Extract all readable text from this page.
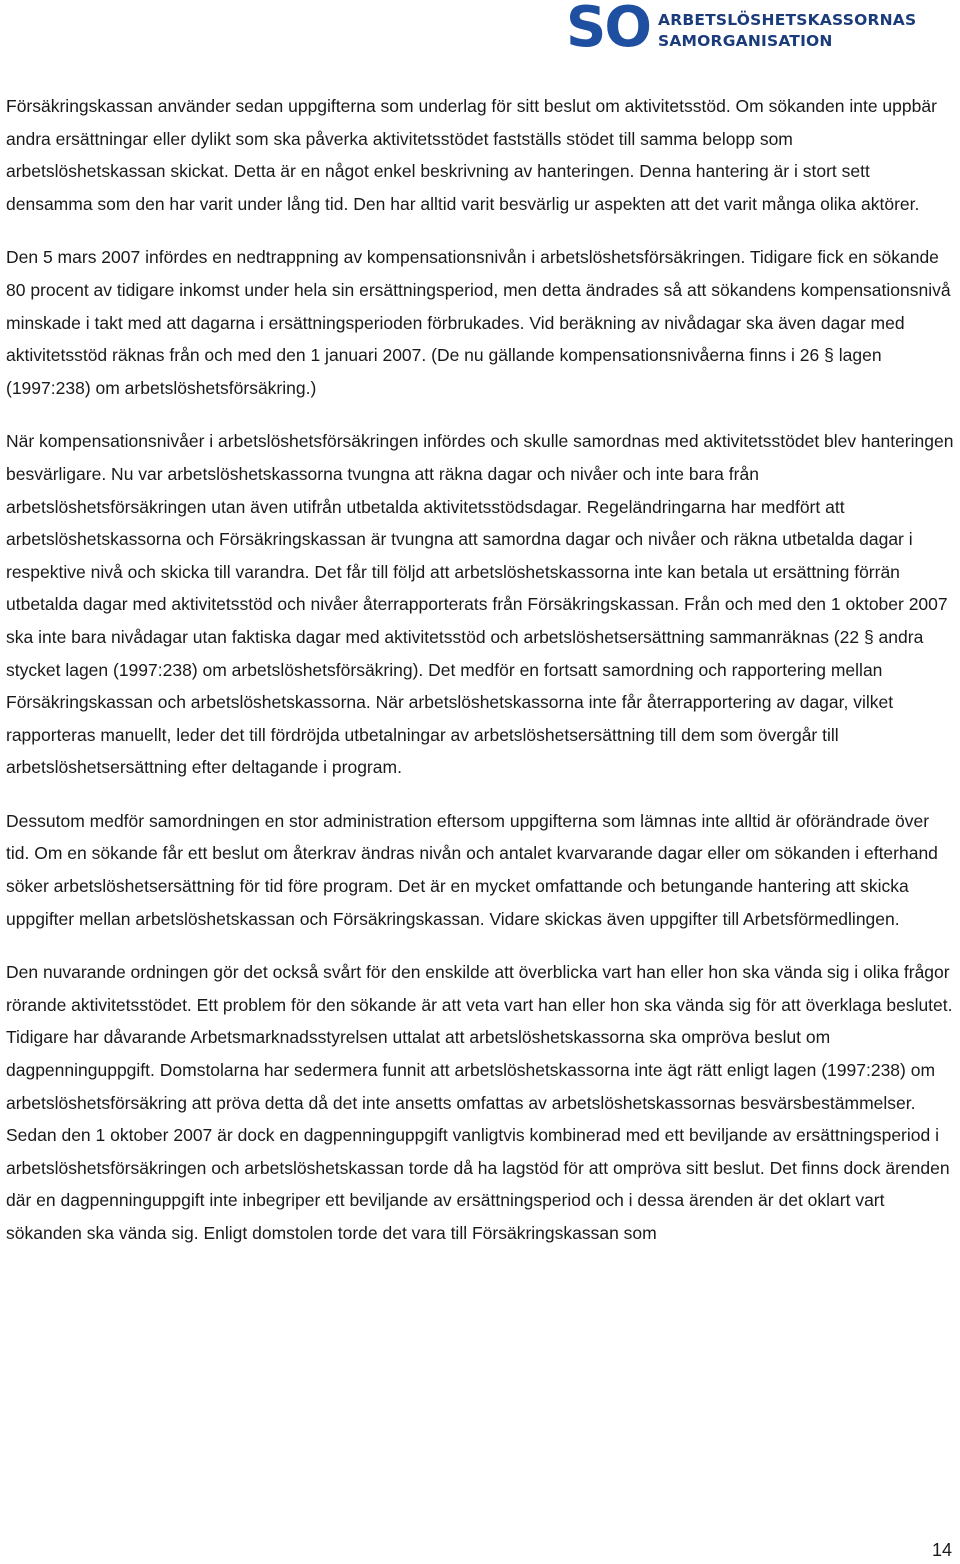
SO ARBETSLÖSHETSKASSORNAS
SAMORGANISATION

Försäkringskassan använder sedan uppgifterna som underlag för sitt beslut om aktivitetsstöd. Om sökanden inte uppbär andra ersättningar eller dylikt som ska påverka aktivitetsstödet fastställs stödet till samma belopp som arbetslöshetskassan skickat. Detta är en något enkel beskrivning av hanteringen. Denna hantering är i stort sett densamma som den har varit under lång tid. Den har alltid varit besvärlig ur aspekten att det varit många olika aktörer.

Den 5 mars 2007 infördes en nedtrappning av kompensationsnivån i arbetslöshetsförsäkringen. Tidigare fick en sökande 80 procent av tidigare inkomst under hela sin ersättningsperiod, men detta ändrades så att sökandens kompensationsnivå minskade i takt med att dagarna i ersättningsperioden förbrukades. Vid beräkning av nivådagar ska även dagar med aktivitetsstöd räknas från och med den 1 januari 2007. (De nu gällande kompensationsnivåerna finns i 26 § lagen (1997:238) om arbetslöshetsförsäkring.)

När kompensationsnivåer i arbetslöshetsförsäkringen infördes och skulle samordnas med aktivitetsstödet blev hanteringen besvärligare. Nu var arbetslöshetskassorna tvungna att räkna dagar och nivåer och inte bara från arbetslöshetsförsäkringen utan även utifrån utbetalda aktivitetsstödsdagar. Regeländringarna har medfört att arbetslöshetskassorna och Försäkringskassan är tvungna att samordna dagar och nivåer och räkna utbetalda dagar i respektive nivå och skicka till varandra. Det får till följd att arbetslöshetskassorna inte kan betala ut ersättning förrän utbetalda dagar med aktivitetsstöd och nivåer återrapporterats från Försäkringskassan. Från och med den 1 oktober 2007 ska inte bara nivådagar utan faktiska dagar med aktivitetsstöd och arbetslöshetsersättning sammanräknas (22 § andra stycket lagen (1997:238) om arbetslöshetsförsäkring). Det medför en fortsatt samordning och rapportering mellan Försäkringskassan och arbetslöshetskassorna. När arbetslöshetskassorna inte får återrapportering av dagar, vilket rapporteras manuellt, leder det till fördröjda utbetalningar av arbetslöshetsersättning till dem som övergår till arbetslöshetsersättning efter deltagande i program.

Dessutom medför samordningen en stor administration eftersom uppgifterna som lämnas inte alltid är oförändrade över tid. Om en sökande får ett beslut om återkrav ändras nivån och antalet kvarvarande dagar eller om sökanden i efterhand söker arbetslöshetsersättning för tid före program. Det är en mycket omfattande och betungande hantering att skicka uppgifter mellan arbetslöshetskassan och Försäkringskassan. Vidare skickas även uppgifter till Arbetsförmedlingen.

Den nuvarande ordningen gör det också svårt för den enskilde att överblicka vart han eller hon ska vända sig i olika frågor rörande aktivitetsstödet. Ett problem för den sökande är att veta vart han eller hon ska vända sig för att överklaga beslutet. Tidigare har dåvarande Arbetsmarknadsstyrelsen uttalat att arbetslöshetskassorna ska ompröva beslut om dagpenninguppgift. Domstolarna har sedermera funnit att arbetslöshetskassorna inte ägt rätt enligt lagen (1997:238) om arbetslöshetsförsäkring att pröva detta då det inte ansetts omfattas av arbetslöshetskassornas besvärsbestämmelser. Sedan den 1 oktober 2007 är dock en dagpenninguppgift vanligtvis kombinerad med ett beviljande av ersättningsperiod i arbetslöshetsförsäkringen och arbetslöshetskassan torde då ha lagstöd för att ompröva sitt beslut. Det finns dock ärenden där en dagpenninguppgift inte inbegriper ett beviljande av ersättningsperiod och i dessa ärenden är det oklart vart sökanden ska vända sig. Enligt domstolen torde det vara till Försäkringskassan som

14
